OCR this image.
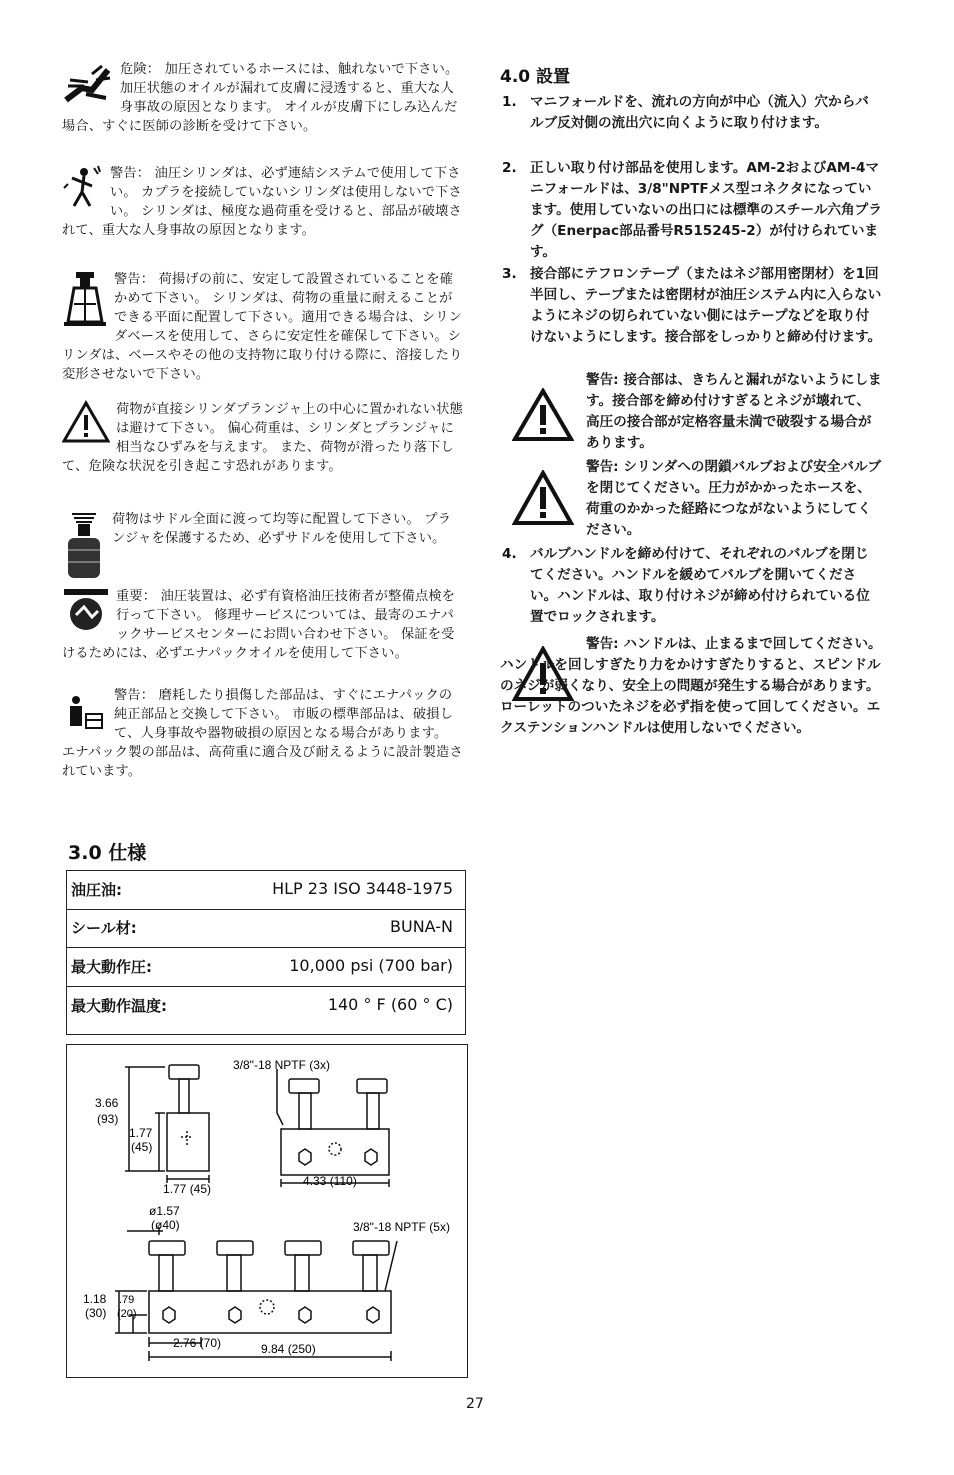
危険： 加圧されているホースには、触れないで下さい。 加圧状態のオイルが漏れて皮膚に浸透すると、重大な人身事故の原因となります。 オイルが皮膚下にしみ込んだ場合、すぐに医師の診断を受けて下さい。
警告： 油圧シリンダは、必ず連結システムで使用して下さい。 カプラを接続していないシリンダは使用しないで下さい。 シリンダは、極度な過荷重を受けると、部品が破壊されて、重大な人身事故の原因となります。
警告： 荷揚げの前に、安定して設置されていることを確かめて下さい。 シリンダは、荷物の重量に耐えることができる平面に配置して下さい。適用できる場合は、シリンダベースを使用して、さらに安定性を確保して下さい。シリンダは、ベースやその他の支持物に取り付ける際に、溶接したり変形させないで下さい。
荷物が直接シリンダプランジャ上の中心に置かれない状態は避けて下さい。 偏心荷重は、シリンダとプランジャに相当なひずみを与えます。 また、荷物が滑ったり落下して、危険な状況を引き起こす恐れがあります。
荷物はサドル全面に渡って均等に配置して下さい。 プランジャを保護するため、必ずサドルを使用して下さい。
重要： 油圧装置は、必ず有資格油圧技術者が整備点検を行って下さい。 修理サービスについては、最寄のエナパックサービスセンターにお問い合わせ下さい。 保証を受けるためには、必ずエナパックオイルを使用して下さい。
警告： 磨耗したり損傷した部品は、すぐにエナパックの純正部品と交換して下さい。 市販の標準部品は、破損して、人身事故や器物破損の原因となる場合があります。 エナパック製の部品は、高荷重に適合及び耐えるように設計製造されています。
3.0 仕様
油圧油:	HLP 23 ISO 3448-1975
シール材:	BUNA-N
最大動作圧:	10,000 psi (700 bar)
最大動作温度:	140 ° F (60 ° C)
3.66
(93)
1.77
(45)
1.77 (45)
3/8"-18 NPTF (3x)
4.33 (110)
ø1.57
(ø40)	3/8"-18 NPTF (5x)
1.18
(30)
.79
(20)
2.76 (70)	9.84 (250)
4.0 設置
1. マニフォールドを、流れの方向が中心（流入）穴からバルブ反対側の流出穴に向くように取り付けます。
2. 正しい取り付け部品を使用します。AM-2およびAM-4マニフォールドは、3/8"NPTFメス型コネクタになっています。使用していないの出口には標準のスチール六角プラグ（Enerpac部品番号R515245-2）が付けられています。
3. 接合部にテフロンテープ（またはネジ部用密閉材）を1回半回し、テープまたは密閉材が油圧システム内に入らないようにネジの切られていない側にはテープなどを取り付けないようにします。接合部をしっかりと締め付けます。
警告: 接合部は、きちんと漏れがないようにします。接合部を締め付けすぎるとネジが壊れて、高圧の接合部が定格容量未満で破裂する場合があります。
警告: シリンダへの閉鎖バルブおよび安全バルブを閉じてください。圧力がかかったホースを、荷重のかかった経路につながないようにしてください。
4. バルブハンドルを締め付けて、それぞれのバルブを閉じてください。ハンドルを緩めてバルブを開いてください。ハンドルは、取り付けネジが締め付けられている位置でロックされます。
警告: ハンドルは、止まるまで回してください。ハンドルを回しすぎたり力をかけすぎたりすると、スピンドルのネジが弱くなり、安全上の問題が発生する場合があります。ローレットのついたネジを必ず指を使って回してください。エクステンションハンドルは使用しないでください。
27
